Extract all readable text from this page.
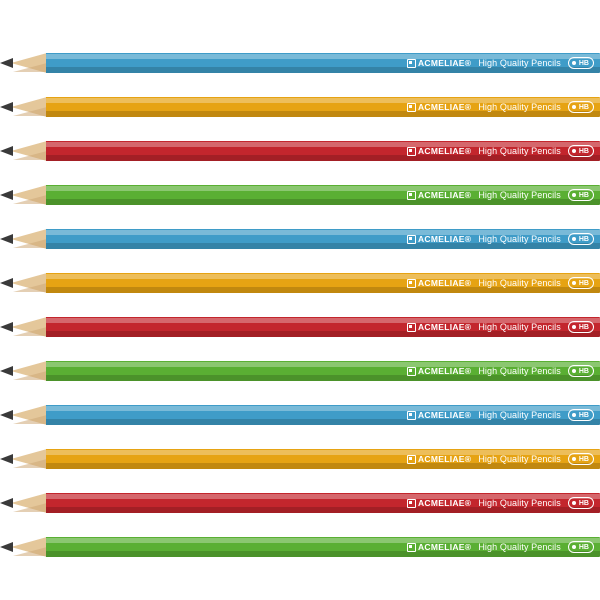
ACMELIAE® High Quality Pencils	HB
ACMELIAE® High Quality Pencils	HB
ACMELIAE® High Quality Pencils	HB
ACMELIAE® High Quality Pencils	HB
ACMELIAE® High Quality Pencils	HB
ACMELIAE® High Quality Pencils	HB
ACMELIAE® High Quality Pencils	HB
ACMELIAE® High Quality Pencils	HB
ACMELIAE® High Quality Pencils	HB
ACMELIAE® High Quality Pencils	HB
ACMELIAE® High Quality Pencils	HB
ACMELIAE® High Quality Pencils	HB
